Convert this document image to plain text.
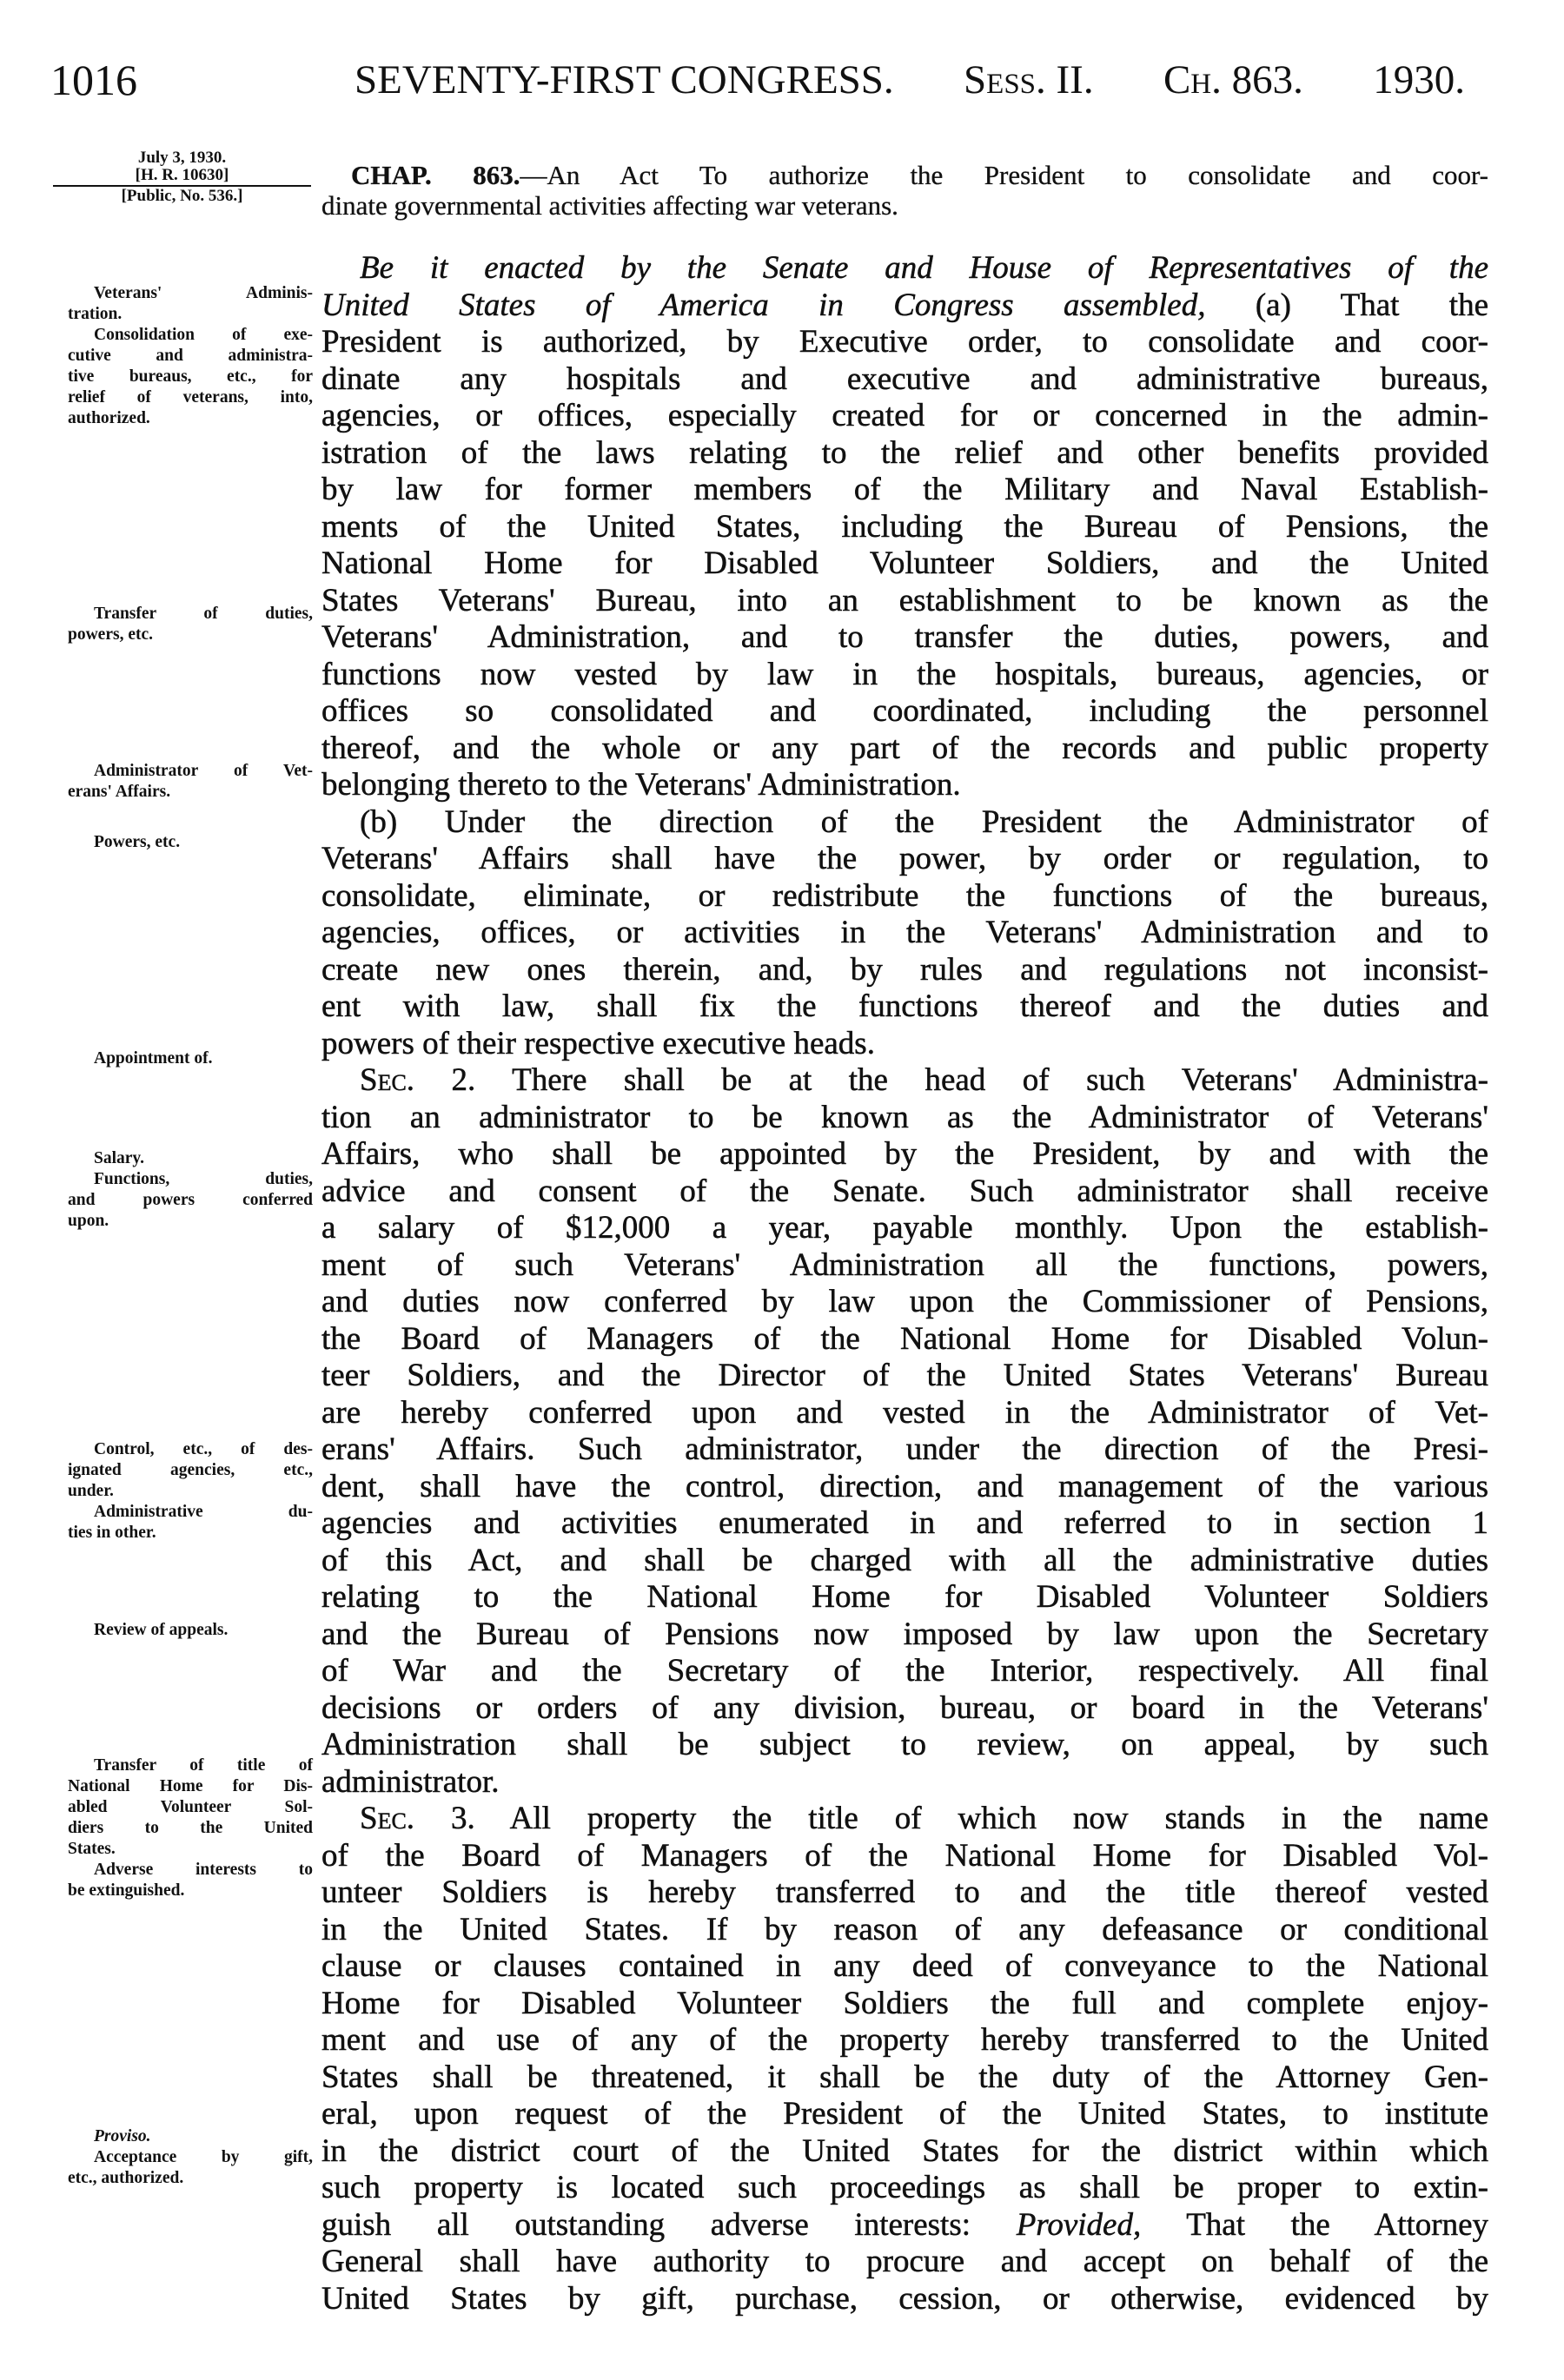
1016	SEVENTY-FIRST CONGRESS. Sess. II. Ch. 863. 1930.
July 3, 1930.
[H. R. 10630]
[Public, No. 536.]
CHAP. 863.—An Act To authorize the President to consolidate and coor-
dinate governmental activities affecting war veterans.
Be it enacted by the Senate and House of Representatives of the
United States of America in Congress assembled, (a) That the
President is authorized, by Executive order, to consolidate and coor-
dinate any hospitals and executive and administrative bureaus,
agencies, or offices, especially created for or concerned in the admin-
istration of the laws relating to the relief and other benefits provided
by law for former members of the Military and Naval Establish-
ments of the United States, including the Bureau of Pensions, the
National Home for Disabled Volunteer Soldiers, and the United
States Veterans' Bureau, into an establishment to be known as the
Veterans' Administration, and to transfer the duties, powers, and
functions now vested by law in the hospitals, bureaus, agencies, or
offices so consolidated and coordinated, including the personnel
thereof, and the whole or any part of the records and public property
belonging thereto to the Veterans' Administration.
(b) Under the direction of the President the Administrator of
Veterans' Affairs shall have the power, by order or regulation, to
consolidate, eliminate, or redistribute the functions of the bureaus,
agencies, offices, or activities in the Veterans' Administration and to
create new ones therein, and, by rules and regulations not inconsist-
ent with law, shall fix the functions thereof and the duties and
powers of their respective executive heads.
Sec. 2. There shall be at the head of such Veterans' Administra-
tion an administrator to be known as the Administrator of Veterans'
Affairs, who shall be appointed by the President, by and with the
advice and consent of the Senate. Such administrator shall receive
a salary of $12,000 a year, payable monthly. Upon the establish-
ment of such Veterans' Administration all the functions, powers,
and duties now conferred by law upon the Commissioner of Pensions,
the Board of Managers of the National Home for Disabled Volun-
teer Soldiers, and the Director of the United States Veterans' Bureau
are hereby conferred upon and vested in the Administrator of Vet-
erans' Affairs. Such administrator, under the direction of the Presi-
dent, shall have the control, direction, and management of the various
agencies and activities enumerated in and referred to in section 1
of this Act, and shall be charged with all the administrative duties
relating to the National Home for Disabled Volunteer Soldiers
and the Bureau of Pensions now imposed by law upon the Secretary
of War and the Secretary of the Interior, respectively. All final
decisions or orders of any division, bureau, or board in the Veterans'
Administration shall be subject to review, on appeal, by such
administrator.
Sec. 3. All property the title of which now stands in the name
of the Board of Managers of the National Home for Disabled Vol-
unteer Soldiers is hereby transferred to and the title thereof vested
in the United States. If by reason of any defeasance or conditional
clause or clauses contained in any deed of conveyance to the National
Home for Disabled Volunteer Soldiers the full and complete enjoy-
ment and use of any of the property hereby transferred to the United
States shall be threatened, it shall be the duty of the Attorney Gen-
eral, upon request of the President of the United States, to institute
in the district court of the United States for the district within which
such property is located such proceedings as shall be proper to extin-
guish all outstanding adverse interests: Provided, That the Attorney
General shall have authority to procure and accept on behalf of the
United States by gift, purchase, cession, or otherwise, evidenced by
Veterans' Adminis-
tration.
Consolidation of exe-
cutive and administra-
tive bureaus, etc., for
relief of veterans, into,
authorized.
Transfer of duties,
powers, etc.
Administrator of Vet-
erans' Affairs.
Powers, etc.
Appointment of.
Salary.
Functions, duties,
and powers conferred
upon.
Control, etc., of des-
ignated agencies, etc.,
under.
Administrative du-
ties in other.
Review of appeals.
Transfer of title of
National Home for Dis-
abled Volunteer Sol-
diers to the United
States.
Adverse interests to
be extinguished.
Proviso.
Acceptance by gift,
etc., authorized.
